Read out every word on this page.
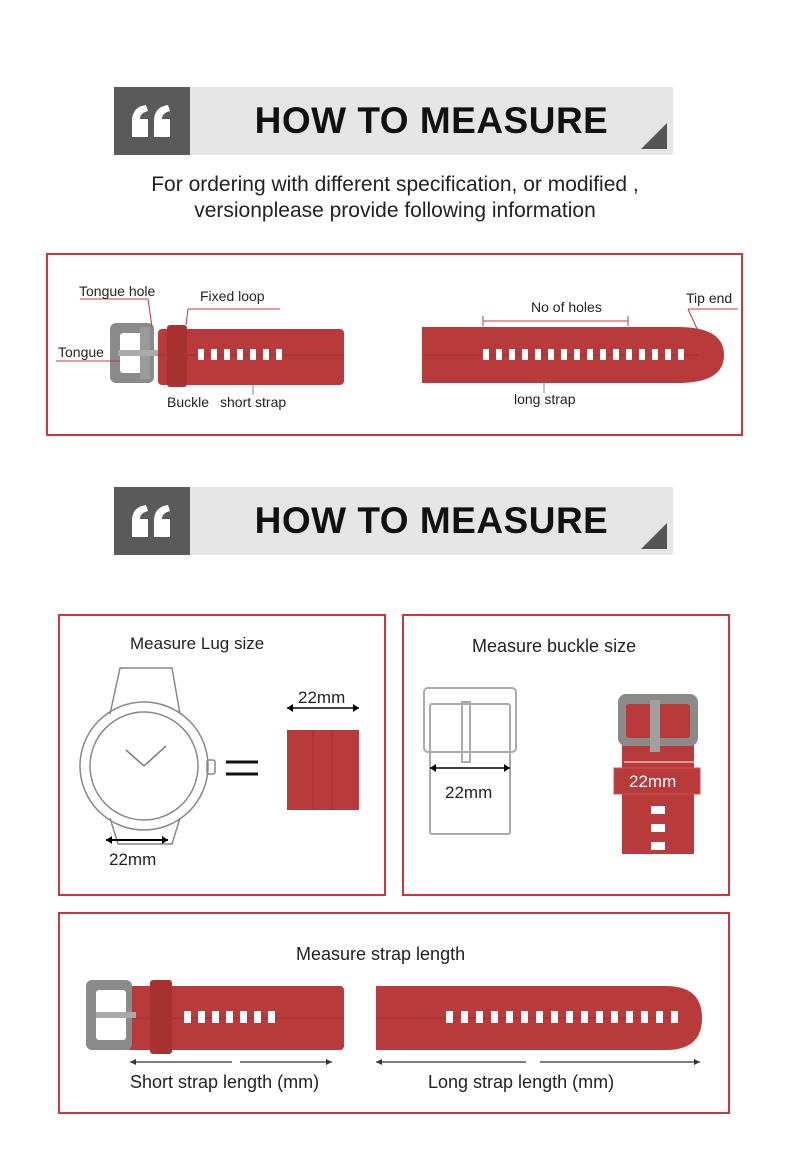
HOW TO MEASURE
For ordering with different specification, or modified ,
versionplease provide following information
Tongue hole	Fixed loop
Tongue
Buckle short strap
No of holes
Tip end
long strap
HOW TO MEASURE
Measure Lug size
22mm
22mm
Measure buckle size
22mm
22mm
Measure strap length
Short strap length (mm)	Long strap length (mm)
